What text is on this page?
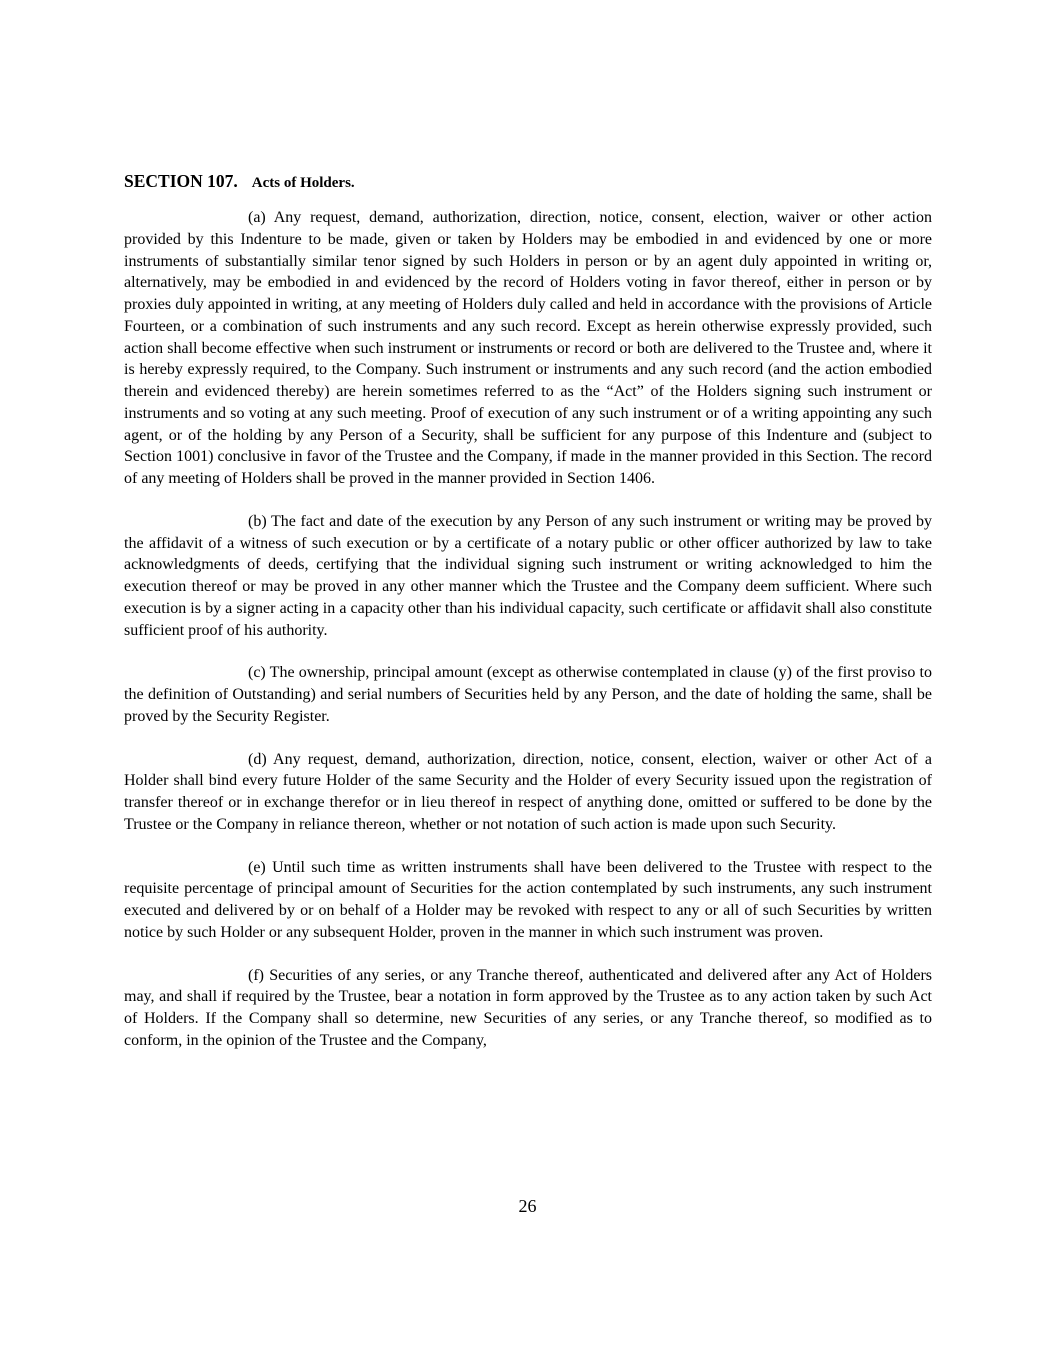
SECTION 107. Acts of Holders.

(a) Any request, demand, authorization, direction, notice, consent, election, waiver or other action provided by this Indenture to be made, given or taken by Holders may be embodied in and evidenced by one or more instruments of substantially similar tenor signed by such Holders in person or by an agent duly appointed in writing or, alternatively, may be embodied in and evidenced by the record of Holders voting in favor thereof, either in person or by proxies duly appointed in writing, at any meeting of Holders duly called and held in accordance with the provisions of Article Fourteen, or a combination of such instruments and any such record. Except as herein otherwise expressly provided, such action shall become effective when such instrument or instruments or record or both are delivered to the Trustee and, where it is hereby expressly required, to the Company. Such instrument or instruments and any such record (and the action embodied therein and evidenced thereby) are herein sometimes referred to as the “Act” of the Holders signing such instrument or instruments and so voting at any such meeting. Proof of execution of any such instrument or of a writing appointing any such agent, or of the holding by any Person of a Security, shall be sufficient for any purpose of this Indenture and (subject to Section 1001) conclusive in favor of the Trustee and the Company, if made in the manner provided in this Section. The record of any meeting of Holders shall be proved in the manner provided in Section 1406.

(b) The fact and date of the execution by any Person of any such instrument or writing may be proved by the affidavit of a witness of such execution or by a certificate of a notary public or other officer authorized by law to take acknowledgments of deeds, certifying that the individual signing such instrument or writing acknowledged to him the execution thereof or may be proved in any other manner which the Trustee and the Company deem sufficient. Where such execution is by a signer acting in a capacity other than his individual capacity, such certificate or affidavit shall also constitute sufficient proof of his authority.

(c) The ownership, principal amount (except as otherwise contemplated in clause (y) of the first proviso to the definition of Outstanding) and serial numbers of Securities held by any Person, and the date of holding the same, shall be proved by the Security Register.

(d) Any request, demand, authorization, direction, notice, consent, election, waiver or other Act of a Holder shall bind every future Holder of the same Security and the Holder of every Security issued upon the registration of transfer thereof or in exchange therefor or in lieu thereof in respect of anything done, omitted or suffered to be done by the Trustee or the Company in reliance thereon, whether or not notation of such action is made upon such Security.

(e) Until such time as written instruments shall have been delivered to the Trustee with respect to the requisite percentage of principal amount of Securities for the action contemplated by such instruments, any such instrument executed and delivered by or on behalf of a Holder may be revoked with respect to any or all of such Securities by written notice by such Holder or any subsequent Holder, proven in the manner in which such instrument was proven.

(f) Securities of any series, or any Tranche thereof, authenticated and delivered after any Act of Holders may, and shall if required by the Trustee, bear a notation in form approved by the Trustee as to any action taken by such Act of Holders. If the Company shall so determine, new Securities of any series, or any Tranche thereof, so modified as to conform, in the opinion of the Trustee and the Company,

26
